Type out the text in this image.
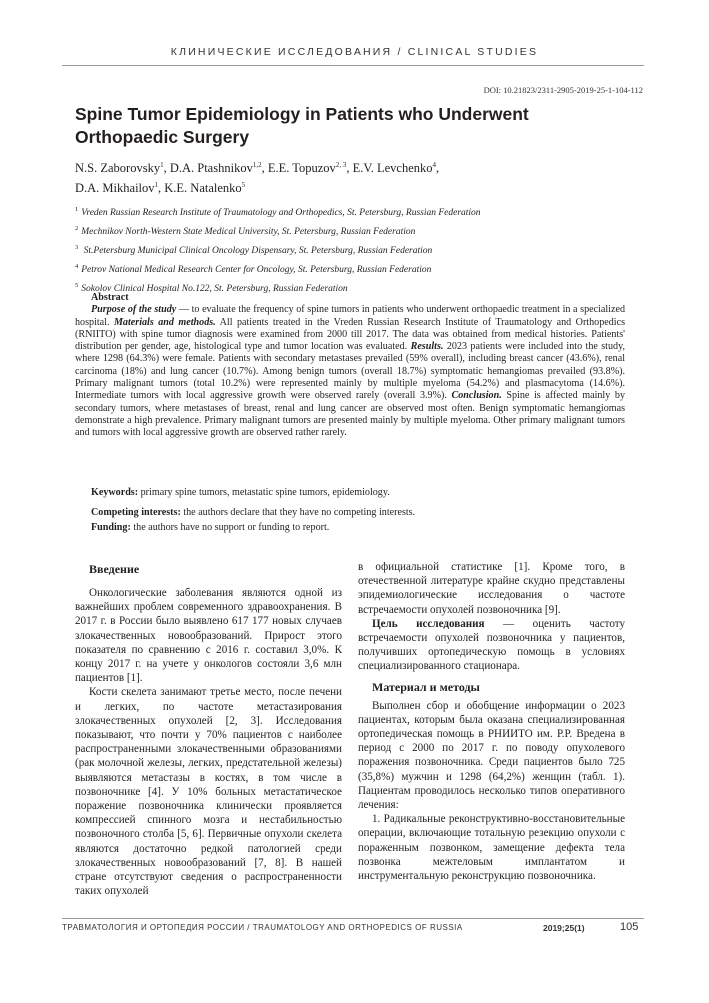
КЛИНИЧЕСКИЕ ИССЛЕДОВАНИЯ / CLINICAL STUDIES
DOI: 10.21823/2311-2905-2019-25-1-104-112
Spine Tumor Epidemiology in Patients who Underwent Orthopaedic Surgery
N.S. Zaborovsky$^1$, D.A. Ptashnikov$^{1,2}$, E.E. Topuzov$^{2, 3}$, E.V. Levchenko$^4$,
D.A. Mikhailov$^1$, K.E. Natalenko$^5$
$^1$ Vreden Russian Research Institute of Traumatology and Orthopedics, St. Petersburg, Russian Federation
$^2$ Mechnikov North-Western State Medical University, St. Petersburg, Russian Federation
$^3$ St.Petersburg Municipal Clinical Oncology Dispensary, St. Petersburg, Russian Federation
$^4$ Petrov National Medical Research Center for Oncology, St. Petersburg, Russian Federation
$^5$ Sokolov Clinical Hospital No.122, St. Petersburg, Russian Federation
Abstract

Purpose of the study — to evaluate the frequency of spine tumors in patients who underwent orthopaedic treatment in a specialized hospital. Materials and methods. All patients treated in the Vreden Russian Research Institute of Traumatology and Orthopedics (RNIITO) with spine tumor diagnosis were examined from 2000 till 2017. The data was obtained from medical histories. Patients' distribution per gender, age, histological type and tumor location was evaluated. Results. 2023 patients were included into the study, where 1298 (64.3%) were female. Patients with secondary metastases prevailed (59% overall), including breast cancer (43.6%), renal carcinoma (18%) and lung cancer (10.7%). Among benign tumors (overall 18.7%) symptomatic hemangiomas prevailed (93.8%). Primary malignant tumors (total 10.2%) were represented mainly by multiple myeloma (54.2%) and plasmacytoma (14.6%). Intermediate tumors with local aggressive growth were observed rarely (overall 3.9%). Conclusion. Spine is affected mainly by secondary tumors, where metastases of breast, renal and lung cancer are observed most often. Benign symptomatic hemangiomas demonstrate a high prevalence. Primary malignant tumors are presented mainly by multiple myeloma. Other primary malignant tumors and tumors with local aggressive growth are observed rather rarely.

Keywords: primary spine tumors, metastatic spine tumors, epidemiology.
Competing interests: the authors declare that they have no competing interests.
Funding: the authors have no support or funding to report.
Введение

Онкологические заболевания являются одной из важнейших проблем современного здравоохранения. В 2017 г. в России было выявлено 617 177 новых случаев злокачественных новообразований. Прирост этого показателя по сравнению с 2016 г. составил 3,0%. К концу 2017 г. на учете у онкологов состояли 3,6 млн пациентов [1].

Кости скелета занимают третье место, после печени и легких, по частоте метастазирования злокачественных опухолей [2, 3]. Исследования показывают, что почти у 70% пациентов с наиболее распространенными злокачественными образованиями (рак молочной железы, легких, предстательной железы) выявляются метастазы в костях, в том числе в позвоночнике [4]. У 10% больных метастатическое поражение позвоночника клинически проявляется компрессией спинного мозга и нестабильностью позвоночного столба [5, 6]. Первичные опухоли скелета являются достаточно редкой патологией среди злокачественных новообразований [7, 8]. В нашей стране отсутствуют сведения о распространенности таких опухолей

в официальной статистике [1]. Кроме того, в отечественной литературе крайне скудно представлены эпидемиологические исследования о частоте встречаемости опухолей позвоночника [9].

Цель исследования — оценить частоту встречаемости опухолей позвоночника у пациентов, получивших ортопедическую помощь в условиях специализированного стационара.

Материал и методы

Выполнен сбор и обобщение информации о 2023 пациентах, которым была оказана специализированная ортопедическая помощь в РНИИТО им. Р.Р. Вредена в период с 2000 по 2017 г. по поводу опухолевого поражения позвоночника. Среди пациентов было 725 (35,8%) мужчин и 1298 (64,2%) женщин (табл. 1). Пациентам проводилось несколько типов оперативного лечения:

1. Радикальные реконструктивно-восстановительные операции, включающие тотальную резекцию опухоли с пораженным позвонком, замещение дефекта тела позвонка межтеловым имплантатом и инструментальную реконструкцию позвоночника.

ТРАВМАТОЛОГИЯ И ОРТОПЕДИЯ РОССИИ / TRAUMATOLOGY AND ORTHOPEDICS OF RUSSIA	2019;25(1)	105
